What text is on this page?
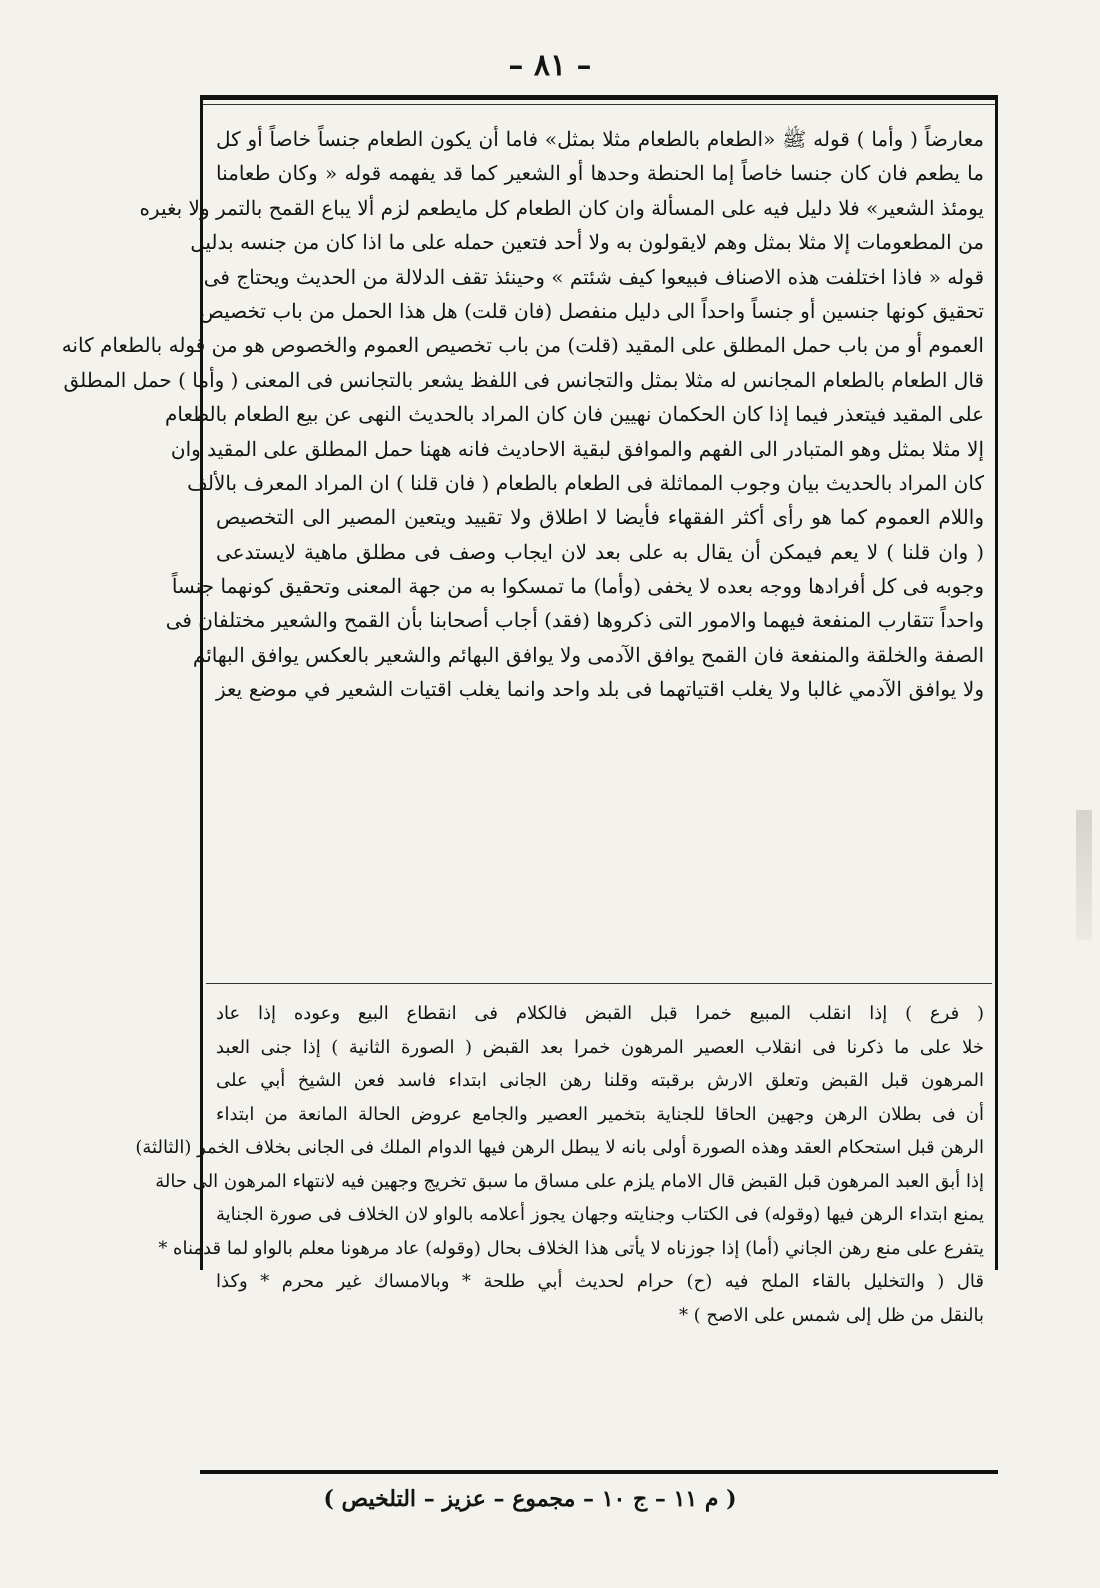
– ٨١ –
معارضاً ( وأما ) قوله ﷺ «الطعام بالطعام مثلا بمثل» فاما أن يكون الطعام جنساً خاصاً أو كل
ما يطعم فان كان جنسا خاصاً إما الحنطة وحدها أو الشعير كما قد يفهمه قوله « وكان طعامنا
يومئذ الشعير» فلا دليل فيه على المسألة وان كان الطعام كل مايطعم لزم ألا يباع القمح بالتمر ولا بغيره
من المطعومات إلا مثلا بمثل وهم لايقولون به ولا أحد فتعين حمله على ما اذا كان من جنسه بدليل
قوله « فاذا اختلفت هذه الاصناف فبيعوا كيف شئتم » وحينئذ تقف الدلالة من الحديث ويحتاج فى
تحقيق كونها جنسين أو جنساً واحداً الى دليل منفصل (فان قلت) هل هذا الحمل من باب تخصيص
العموم أو من باب حمل المطلق على المقيد (قلت) من باب تخصيص العموم والخصوص هو من قوله بالطعام كانه
قال الطعام بالطعام المجانس له مثلا بمثل والتجانس فى اللفظ يشعر بالتجانس فى المعنى ( وأما ) حمل المطلق
على المقيد فيتعذر فيما إذا كان الحكمان نهيين فان كان المراد بالحديث النهى عن بيع الطعام بالطعام
إلا مثلا بمثل وهو المتبادر الى الفهم والموافق لبقية الاحاديث فانه ههنا حمل المطلق على المقيد وان
كان المراد بالحديث بيان وجوب المماثلة فى الطعام بالطعام ( فان قلنا ) ان المراد المعرف بالألف
واللام العموم كما هو رأى أكثر الفقهاء فأيضا لا اطلاق ولا تقييد ويتعين المصير الى التخصيص
( وان قلنا ) لا يعم فيمكن أن يقال به على بعد لان ايجاب وصف فى مطلق ماهية لايستدعى
وجوبه فى كل أفرادها ووجه بعده لا يخفى (وأما) ما تمسكوا به من جهة المعنى وتحقيق كونهما جنساً
واحداً تتقارب المنفعة فيهما والامور التى ذكروها (فقد) أجاب أصحابنا بأن القمح والشعير مختلفان فى
الصفة والخلقة والمنفعة فان القمح يوافق الآدمى ولا يوافق البهائم والشعير بالعكس يوافق البهائم
ولا يوافق الآدمي غالبا ولا يغلب اقتياتهما فى بلد واحد وانما يغلب اقتيات الشعير في موضع يعز
( فرع ) إذا انقلب المبيع خمرا قبل القبض فالكلام فى انقطاع البيع وعوده إذا عاد
خلا على ما ذكرنا فى انقلاب العصير المرهون خمرا بعد القبض ( الصورة الثانية ) إذا جنى العبد
المرهون قبل القبض وتعلق الارش برقبته وقلنا رهن الجانى ابتداء فاسد فعن الشيخ أبي على
أن فى بطلان الرهن وجهين الحاقا للجناية بتخمير العصير والجامع عروض الحالة المانعة من ابتداء
الرهن قبل استحكام العقد وهذه الصورة أولى بانه لا يبطل الرهن فيها الدوام الملك فى الجانى بخلاف الخمر (الثالثة)
إذا أبق العبد المرهون قبل القبض قال الامام يلزم على مساق ما سبق تخريج وجهين فيه لانتهاء المرهون الى حالة
يمنع ابتداء الرهن فيها (وقوله) فى الكتاب وجنايته وجهان يجوز أعلامه بالواو لان الخلاف فى صورة الجناية
يتفرع على منع رهن الجاني (أما) إذا جوزناه لا يأتى هذا الخلاف بحال (وقوله) عاد مرهونا معلم بالواو لما قدمناه *
قال ( والتخليل بالقاء الملح فيه (ح) حرام لحديث أبي طلحة * وبالامساك غير محرم * وكذا
بالنقل من ظل إلى شمس على الاصح ) *
( م ١١ – ج ١٠ – مجموع – عزيز – التلخيص )
